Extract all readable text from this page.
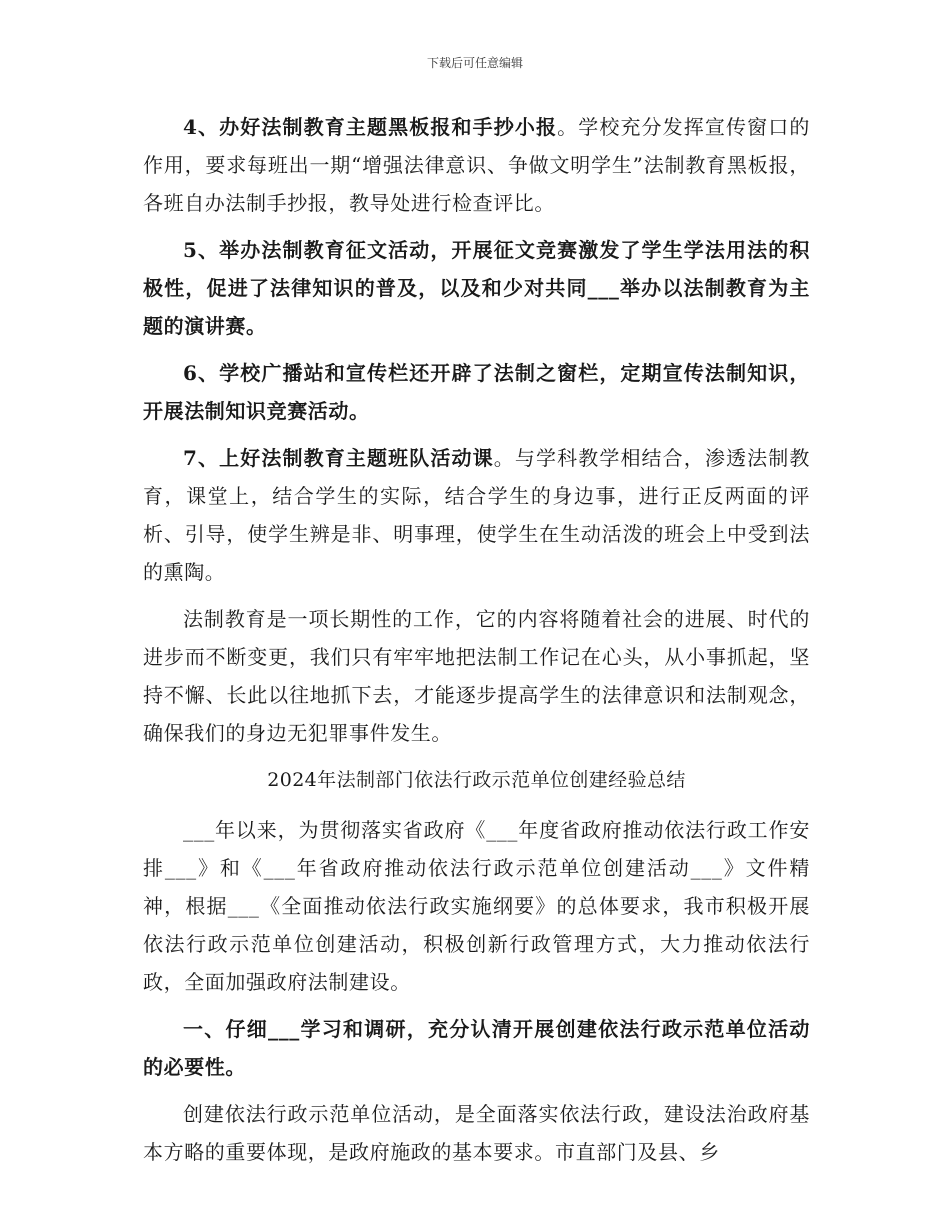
下载后可任意编辑

4、办好法制教育主题黑板报和手抄小报。学校充分发挥宣传窗口的作用，要求每班出一期“增强法律意识、争做文明学生”法制教育黑板报，各班自办法制手抄报，教导处进行检查评比。

5、举办法制教育征文活动，开展征文竞赛激发了学生学法用法的积极性，促进了法律知识的普及，以及和少对共同___举办以法制教育为主题的演讲赛。

6、学校广播站和宣传栏还开辟了法制之窗栏，定期宣传法制知识，开展法制知识竞赛活动。

7、上好法制教育主题班队活动课。与学科教学相结合，渗透法制教育，课堂上，结合学生的实际，结合学生的身边事，进行正反两面的评析、引导，使学生辨是非、明事理，使学生在生动活泼的班会上中受到法的熏陶。

法制教育是一项长期性的工作，它的内容将随着社会的进展、时代的进步而不断变更，我们只有牢牢地把法制工作记在心头，从小事抓起，坚持不懈、长此以往地抓下去，才能逐步提高学生的法律意识和法制观念，确保我们的身边无犯罪事件发生。

2024年法制部门依法行政示范单位创建经验总结

___年以来，为贯彻落实省政府《___年度省政府推动依法行政工作安排___》和《___年省政府推动依法行政示范单位创建活动___》文件精神，根据___《全面推动依法行政实施纲要》的总体要求，我市积极开展依法行政示范单位创建活动，积极创新行政管理方式，大力推动依法行政，全面加强政府法制建设。

一、仔细___学习和调研，充分认清开展创建依法行政示范单位活动的必要性。

创建依法行政示范单位活动，是全面落实依法行政，建设法治政府基本方略的重要体现，是政府施政的基本要求。市直部门及县、乡
